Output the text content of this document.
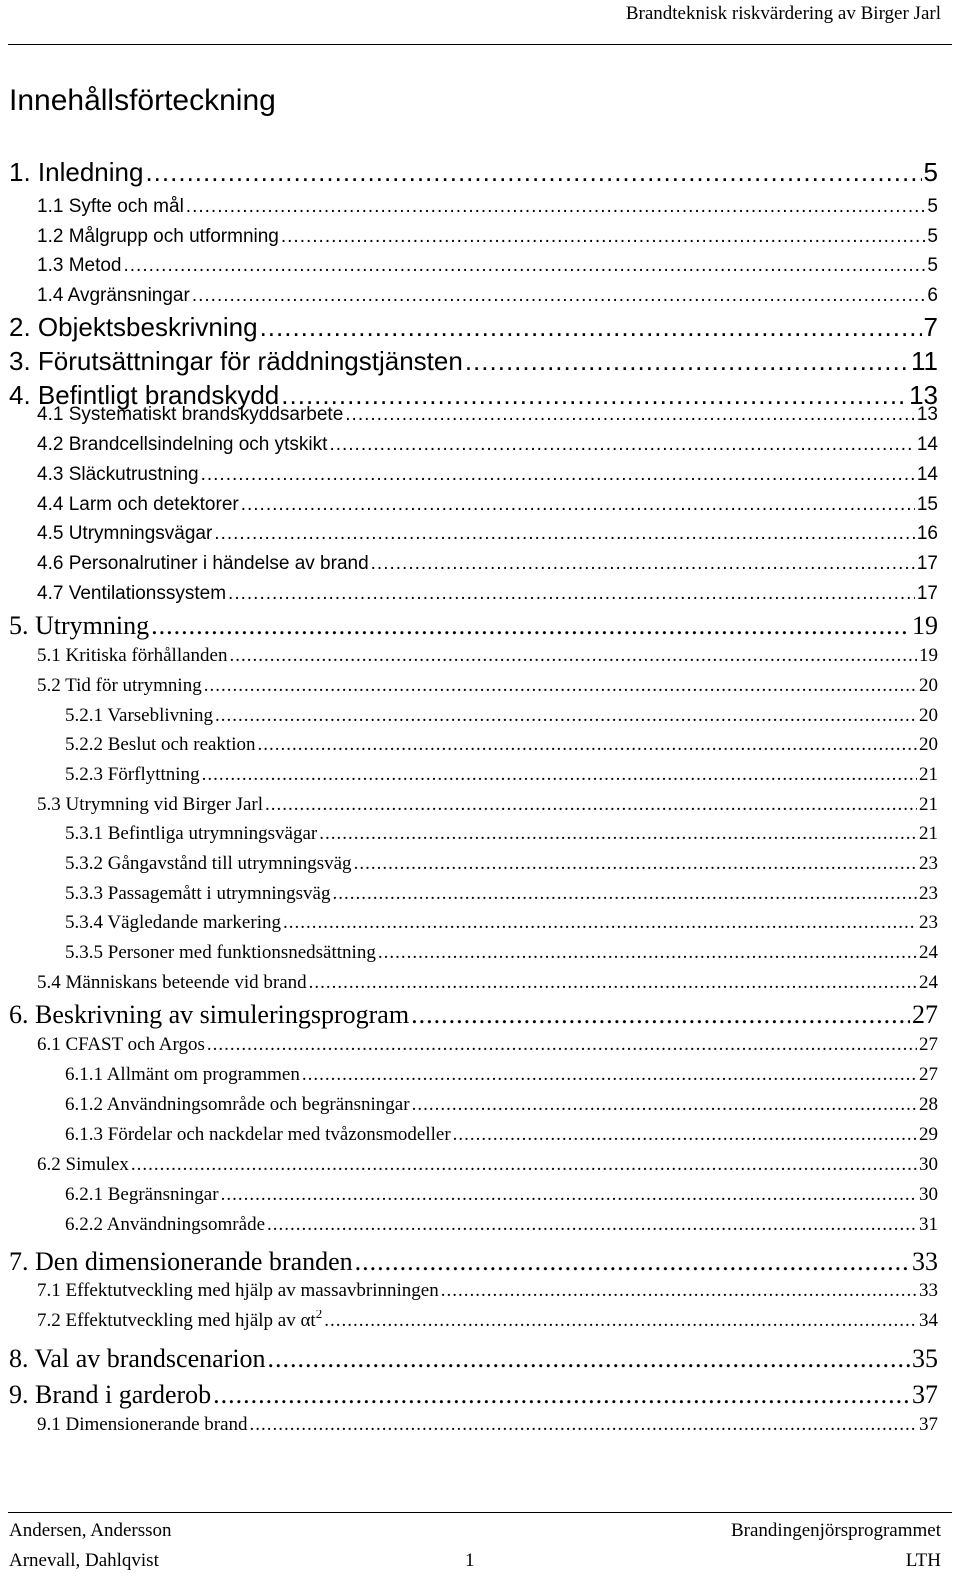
Brandteknisk riskvärdering av Birger Jarl
Innehållsförteckning
1. Inledning .....	5
1.1 Syfte och mål .....	5
1.2 Målgrupp och utformning .....	5
1.3 Metod .....	5
1.4 Avgränsningar .....	6
2. Objektsbeskrivning .....	7
3. Förutsättningar för räddningstjänsten .....	11
4. Befintligt brandskydd .....	13
4.1 Systematiskt brandskyddsarbete .....	13
4.2 Brandcellsindelning och ytskikt .....	14
4.3 Släckutrustning .....	14
4.4 Larm och detektorer .....	15
4.5 Utrymningsvägar .....	16
4.6 Personalrutiner i händelse av brand .....	17
4.7 Ventilationssystem .....	17
5. Utrymning .....	19
5.1 Kritiska förhållanden .....	19
5.2 Tid för utrymning .....	20
5.2.1 Varseblivning .....	20
5.2.2 Beslut och reaktion .....	20
5.2.3 Förflyttning .....	21
5.3 Utrymning vid Birger Jarl .....	21
5.3.1 Befintliga utrymningsvägar .....	21
5.3.2 Gångavstånd till utrymningsväg .....	23
5.3.3 Passagemått i utrymningsväg .....	23
5.3.4 Vägledande markering .....	23
5.3.5 Personer med funktionsnedsättning .....	24
5.4 Människans beteende vid brand .....	24
6. Beskrivning av simuleringsprogram .....	27
6.1 CFAST och Argos .....	27
6.1.1 Allmänt om programmen .....	27
6.1.2 Användningsområde och begränsningar .....	28
6.1.3 Fördelar och nackdelar med tvåzonsmodeller .....	29
6.2 Simulex .....	30
6.2.1 Begränsningar .....	30
6.2.2 Användningsområde .....	31
7. Den dimensionerande branden .....	33
7.1 Effektutveckling med hjälp av massavbrinningen .....	33
7.2 Effektutveckling med hjälp av $\alpha t^2$ .....	34
8. Val av brandscenarion .....	35
9. Brand i garderob .....	37
9.1 Dimensionerande brand .....	37
Andersen, Andersson
Arnevall, Dahlqvist	1
Brandingenjörsprogrammet
LTH
